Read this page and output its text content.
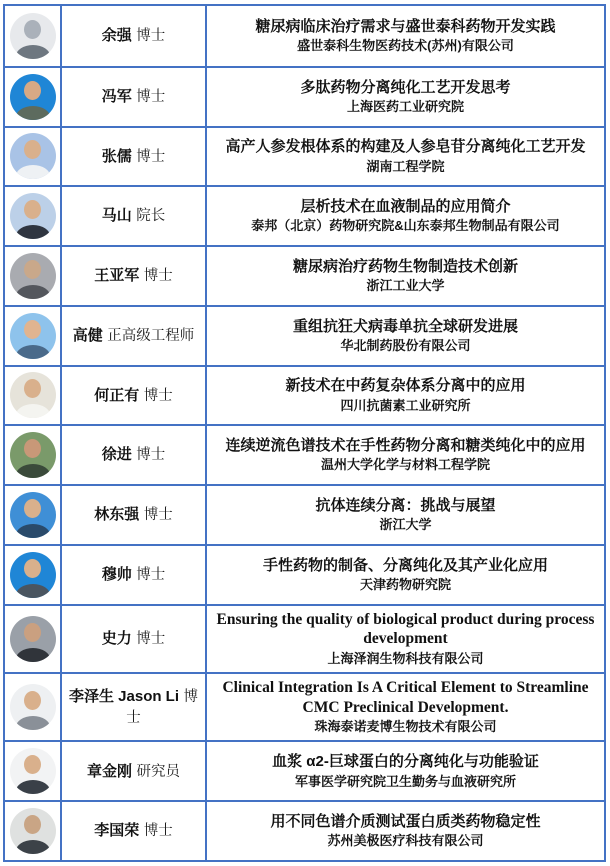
余强 博士
糖尿病临床治疗需求与盛世泰科药物开发实践
盛世泰科生物医药技术(苏州)有限公司
冯军 博士
多肽药物分离纯化工艺开发思考
上海医药工业研究院
张儒 博士
高产人参发根体系的构建及人参皂苷分离纯化工艺开发
湖南工程学院
马山 院长
层析技术在血液制品的应用简介
泰邦（北京）药物研究院&山东泰邦生物制品有限公司
王亚军 博士
糖尿病治疗药物生物制造技术创新
浙江工业大学
高健 正高级工程师
重组抗狂犬病毒单抗全球研发进展
华北制药股份有限公司
何正有 博士
新技术在中药复杂体系分离中的应用
四川抗菌素工业研究所
徐进 博士
连续逆流色谱技术在手性药物分离和糖类纯化中的应用
温州大学化学与材料工程学院
林东强 博士
抗体连续分离：挑战与展望
浙江大学
穆帅 博士
手性药物的制备、分离纯化及其产业化应用
天津药物研究院
史力 博士
Ensuring the quality of biological product during process development
上海泽润生物科技有限公司
李泽生 Jason Li 博士
Clinical Integration Is A Critical Element to Streamline CMC Preclinical Development.
珠海泰诺麦博生物技术有限公司
章金刚 研究员
血浆 α2-巨球蛋白的分离纯化与功能验证
军事医学研究院卫生勤务与血液研究所
李国荣 博士
用不同色谱介质测试蛋白质类药物稳定性
苏州美极医疗科技有限公司
